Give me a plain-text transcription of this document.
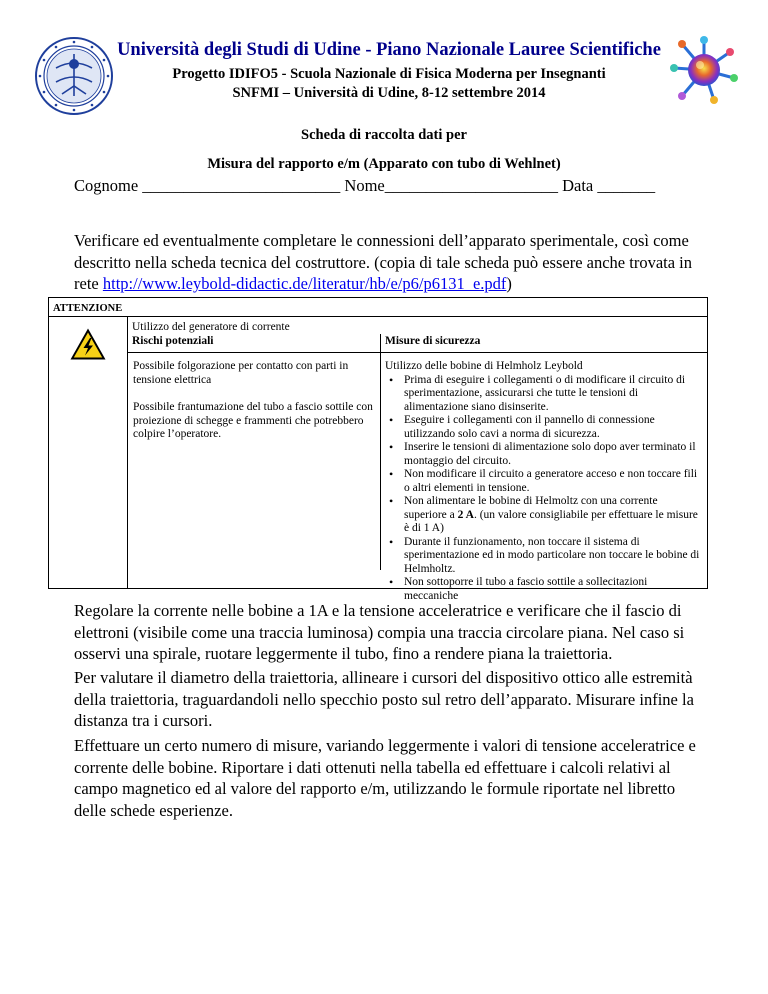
Università degli Studi di Udine - Piano Nazionale Lauree Scientifiche
Progetto IDIFO5 - Scuola Nazionale di Fisica Moderna per Insegnanti
SNFMI – Università di Udine, 8-12 settembre 2014
Scheda di raccolta dati per
Misura del rapporto e/m (Apparato con tubo di Wehlnet)
Cognome ________________________ Nome_____________________ Data _______
Verificare ed eventualmente completare le connessioni dell’apparato sperimentale, così come descritto nella scheda tecnica del costruttore. (copia di tale scheda può essere anche trovata in rete http://www.leybold-didactic.de/literatur/hb/e/p6/p6131_e.pdf)
ATTENZIONE
Utilizzo del generatore di corrente
Rischi potenziali	Misure di sicurezza

Possibile folgorazione per contatto con parti in tensione elettrica

Possibile frantumazione del tubo a fascio sottile con proiezione di schegge e frammenti che potrebbero colpire l’operatore.

Utilizzo delle bobine di Helmholz Leybold

• Prima di eseguire i collegamenti o di modificare il circuito di sperimentazione, assicurarsi che tutte le tensioni di alimentazione siano disinserite.
• Eseguire i collegamenti con il pannello di connessione utilizzando solo cavi a norma di sicurezza.
• Inserire le tensioni di alimentazione solo dopo aver terminato il montaggio del circuito.
• Non modificare il circuito a generatore acceso e non toccare fili o altri elementi in tensione.
• Non alimentare le bobine di Helmoltz con una corrente superiore a 2 A. (un valore consigliabile per effettuare le misure è di 1 A)
• Durante il funzionamento, non toccare il sistema di sperimentazione ed in modo particolare non toccare le bobine di Helmholtz.
• Non sottoporre il tubo a fascio sottile a sollecitazioni meccaniche
Regolare la corrente nelle bobine a 1A e la tensione acceleratrice e verificare che il fascio di elettroni (visibile come una traccia luminosa) compia una traccia circolare piana. Nel caso si osservi una spirale, ruotare leggermente il tubo, fino a rendere piana la traiettoria.
Per valutare il diametro della traiettoria, allineare i cursori del dispositivo ottico alle estremità della traiettoria, traguardandoli nello specchio posto sul retro dell’apparato. Misurare infine la distanza tra i cursori.
Effettuare un certo numero di misure, variando leggermente i valori di tensione acceleratrice e corrente delle bobine. Riportare i dati ottenuti nella tabella ed effettuare i calcoli relativi al campo magnetico ed al valore del rapporto e/m, utilizzando le formule riportate nel libretto delle schede esperienze.
